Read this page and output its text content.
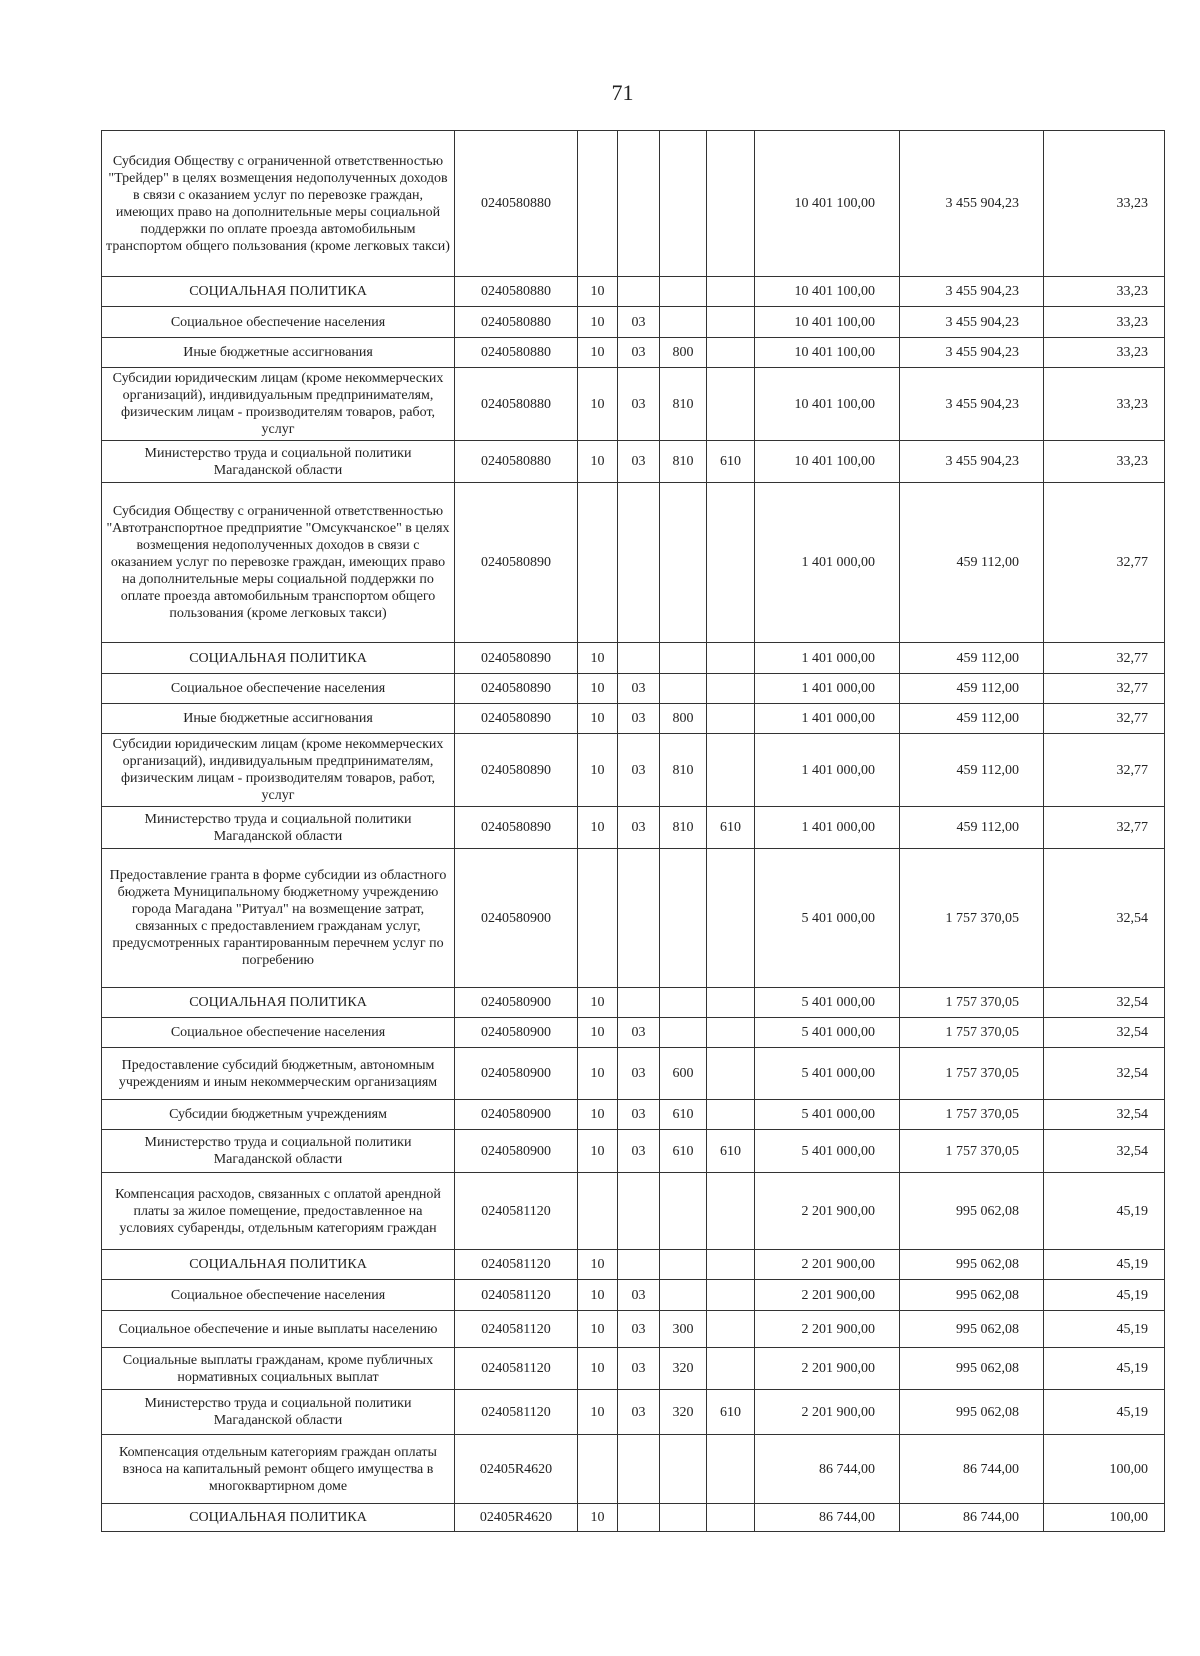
71
Субсидия Обществу с ограниченной ответственностью "Трейдер" в целях возмещения недополученных доходов в связи с оказанием услуг по перевозке граждан, имеющих право на дополнительные меры социальной поддержки по оплате проезда автомобильным транспортом общего пользования (кроме легковых такси)	0240580880					10 401 100,00	3 455 904,23	33,23
СОЦИАЛЬНАЯ ПОЛИТИКА	0240580880	10				10 401 100,00	3 455 904,23	33,23
Социальное обеспечение населения	0240580880	10	03			10 401 100,00	3 455 904,23	33,23
Иные бюджетные ассигнования	0240580880	10	03	800		10 401 100,00	3 455 904,23	33,23
Субсидии юридическим лицам (кроме некоммерческих организаций), индивидуальным предпринимателям, физическим лицам - производителям товаров, работ, услуг	0240580880	10	03	810		10 401 100,00	3 455 904,23	33,23
Министерство труда и социальной политики Магаданской области	0240580880	10	03	810	610	10 401 100,00	3 455 904,23	33,23
Субсидия Обществу с ограниченной ответственностью "Автотранспортное предприятие "Омсукчанское" в целях возмещения недополученных доходов в связи с оказанием услуг по перевозке граждан, имеющих право на дополнительные меры социальной поддержки по оплате проезда автомобильным транспортом общего пользования (кроме легковых такси)	0240580890					1 401 000,00	459 112,00	32,77
СОЦИАЛЬНАЯ ПОЛИТИКА	0240580890	10				1 401 000,00	459 112,00	32,77
Социальное обеспечение населения	0240580890	10	03			1 401 000,00	459 112,00	32,77
Иные бюджетные ассигнования	0240580890	10	03	800		1 401 000,00	459 112,00	32,77
Субсидии юридическим лицам (кроме некоммерческих организаций), индивидуальным предпринимателям, физическим лицам - производителям товаров, работ, услуг	0240580890	10	03	810		1 401 000,00	459 112,00	32,77
Министерство труда и социальной политики Магаданской области	0240580890	10	03	810	610	1 401 000,00	459 112,00	32,77
Предоставление гранта в форме субсидии из областного бюджета Муниципальному бюджетному учреждению города Магадана "Ритуал" на возмещение затрат, связанных с предоставлением гражданам услуг, предусмотренных гарантированным перечнем услуг по погребению	0240580900					5 401 000,00	1 757 370,05	32,54
СОЦИАЛЬНАЯ ПОЛИТИКА	0240580900	10				5 401 000,00	1 757 370,05	32,54
Социальное обеспечение населения	0240580900	10	03			5 401 000,00	1 757 370,05	32,54
Предоставление субсидий бюджетным, автономным учреждениям и иным некоммерческим организациям	0240580900	10	03	600		5 401 000,00	1 757 370,05	32,54
Субсидии бюджетным учреждениям	0240580900	10	03	610		5 401 000,00	1 757 370,05	32,54
Министерство труда и социальной политики Магаданской области	0240580900	10	03	610	610	5 401 000,00	1 757 370,05	32,54
Компенсация расходов, связанных с оплатой арендной платы за жилое помещение, предоставленное на условиях субаренды, отдельным категориям граждан	0240581120					2 201 900,00	995 062,08	45,19
СОЦИАЛЬНАЯ ПОЛИТИКА	0240581120	10				2 201 900,00	995 062,08	45,19
Социальное обеспечение населения	0240581120	10	03			2 201 900,00	995 062,08	45,19
Социальное обеспечение и иные выплаты населению	0240581120	10	03	300		2 201 900,00	995 062,08	45,19
Социальные выплаты гражданам, кроме публичных нормативных социальных выплат	0240581120	10	03	320		2 201 900,00	995 062,08	45,19
Министерство труда и социальной политики Магаданской области	0240581120	10	03	320	610	2 201 900,00	995 062,08	45,19
Компенсация отдельным категориям граждан оплаты взноса на капитальный ремонт общего имущества в многоквартирном доме	02405R4620					86 744,00	86 744,00	100,00
СОЦИАЛЬНАЯ ПОЛИТИКА	02405R4620	10				86 744,00	86 744,00	100,00
